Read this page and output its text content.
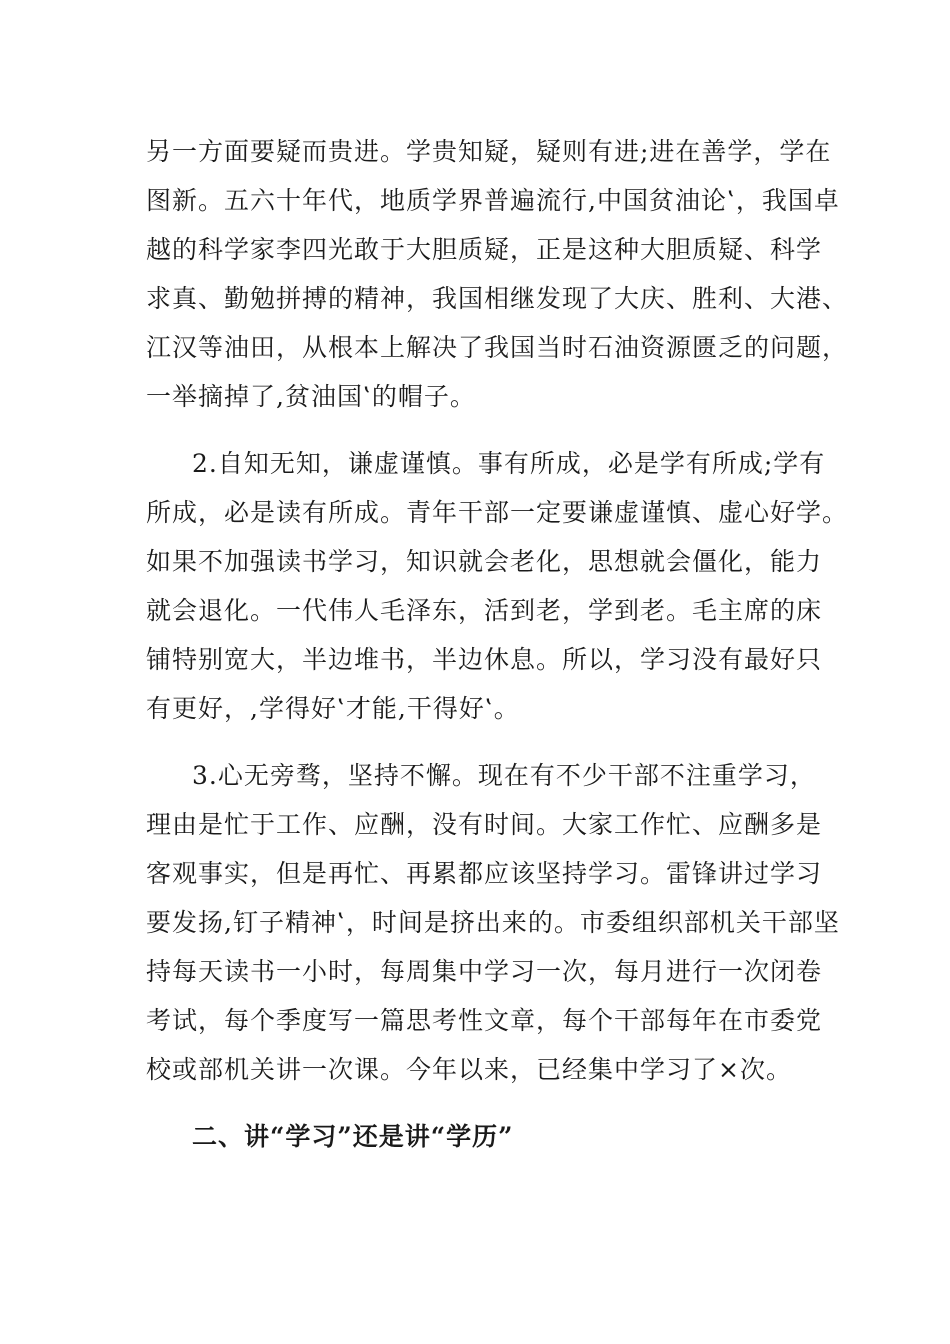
另一方面要疑而贵进。学贵知疑，疑则有进;进在善学，学在
图新。五六十年代，地质学界普遍流行,中国贫油论‛，我国卓
越的科学家李四光敢于大胆质疑，正是这种大胆质疑、科学
求真、勤勉拼搏的精神，我国相继发现了大庆、胜利、大港、
江汉等油田，从根本上解决了我国当时石油资源匮乏的问题，
一举摘掉了,贫油国‛的帽子。
2.自知无知，谦虚谨慎。事有所成，必是学有所成;学有
所成，必是读有所成。青年干部一定要谦虚谨慎、虚心好学。
如果不加强读书学习，知识就会老化，思想就会僵化，能力
就会退化。一代伟人毛泽东，活到老，学到老。毛主席的床
铺特别宽大，半边堆书，半边休息。所以，学习没有最好只
有更好，,学得好‛才能,干得好‛。
3.心无旁骛，坚持不懈。现在有不少干部不注重学习，
理由是忙于工作、应酬，没有时间。大家工作忙、应酬多是
客观事实，但是再忙、再累都应该坚持学习。雷锋讲过学习
要发扬,钉子精神‛，时间是挤出来的。市委组织部机关干部坚
持每天读书一小时，每周集中学习一次，每月进行一次闭卷
考试，每个季度写一篇思考性文章，每个干部每年在市委党
校或部机关讲一次课。今年以来，已经集中学习了×次。
二、讲“学习”还是讲“学历”
